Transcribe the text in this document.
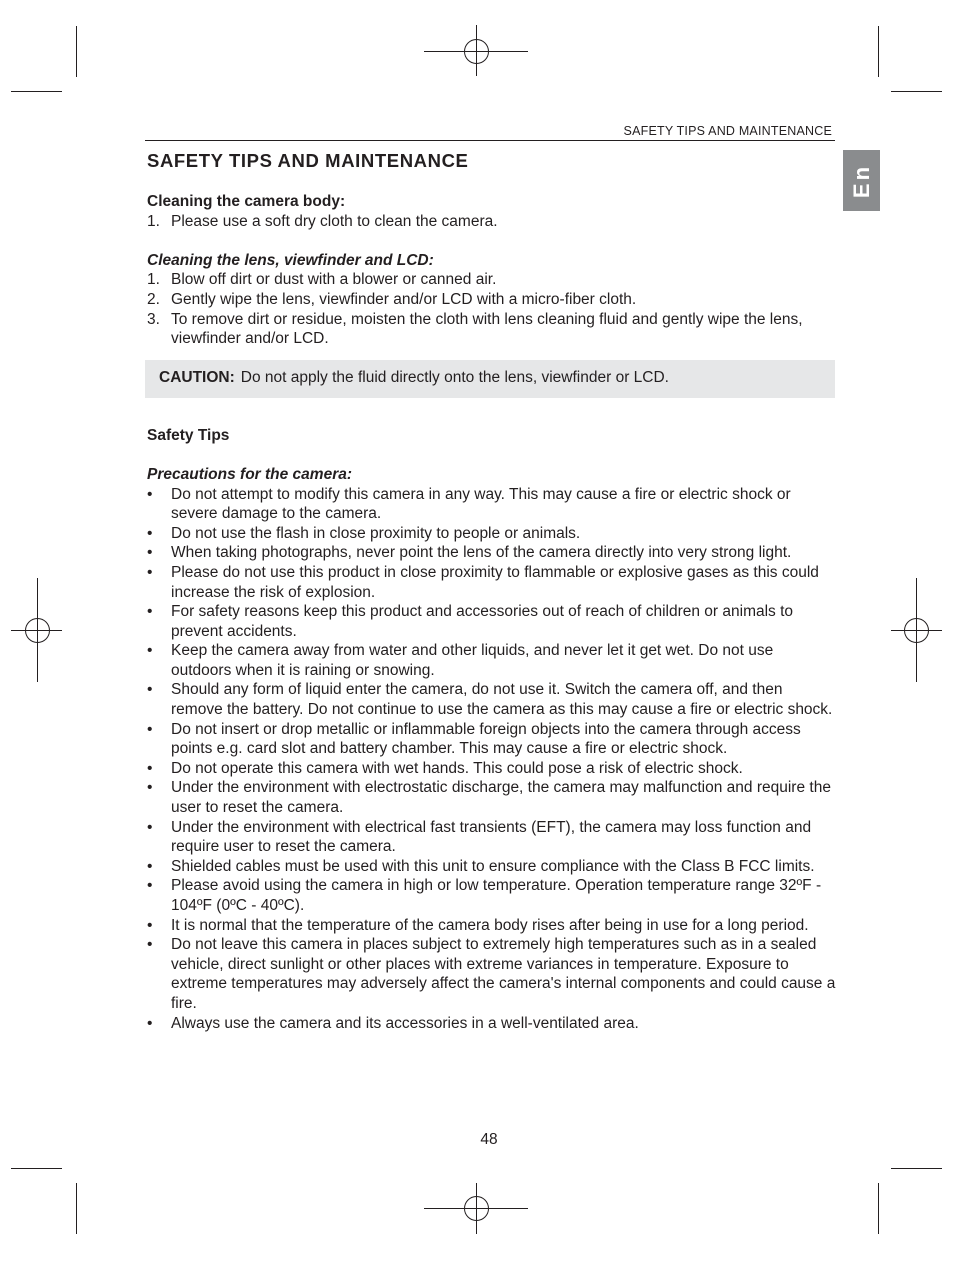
SAFETY TIPS AND MAINTENANCE
En
SAFETY TIPS AND MAINTENANCE

Cleaning the camera body:

1. Please use a soft dry cloth to clean the camera.

Cleaning the lens, viewfinder and LCD:

1. Blow off dirt or dust with a blower or canned air.
2. Gently wipe the lens, viewfinder and/or LCD with a micro-fiber cloth.
3. To remove dirt or residue, moisten the cloth with lens cleaning fluid and gently wipe the lens, viewfinder and/or LCD.
CAUTION: Do not apply the fluid directly onto the lens, viewfinder or LCD.

Safety Tips

Precautions for the camera:

• Do not attempt to modify this camera in any way. This may cause a fire or electric shock or severe damage to the camera.
• Do not use the flash in close proximity to people or animals.
• When taking photographs, never point the lens of the camera directly into very strong light.
• Please do not use this product in close proximity to flammable or explosive gases as this could increase the risk of explosion.
• For safety reasons keep this product and accessories out of reach of children or animals to prevent accidents.
• Keep the camera away from water and other liquids, and never let it get wet. Do not use outdoors when it is raining or snowing.
• Should any form of liquid enter the camera, do not use it. Switch the camera off, and then remove the battery. Do not continue to use the camera as this may cause a fire or electric shock.
• Do not insert or drop metallic or inflammable foreign objects into the camera through access points e.g. card slot and battery chamber. This may cause a fire or electric shock.
• Do not operate this camera with wet hands. This could pose a risk of electric shock.
• Under the environment with electrostatic discharge, the camera may malfunction and require the user to reset the camera.
• Under the environment with electrical fast transients (EFT), the camera may loss function and require user to reset the camera.
• Shielded cables must be used with this unit to ensure compliance with the Class B FCC limits.
• Please avoid using the camera in high or low temperature. Operation temperature range 32ºF - 104ºF (0ºC - 40ºC).
• It is normal that the temperature of the camera body rises after being in use for a long period.
• Do not leave this camera in places subject to extremely high temperatures such as in a sealed vehicle, direct sunlight or other places with extreme variances in temperature. Exposure to extreme temperatures may adversely affect the camera's internal components and could cause a fire.
• Always use the camera and its accessories in a well-ventilated area.
48
